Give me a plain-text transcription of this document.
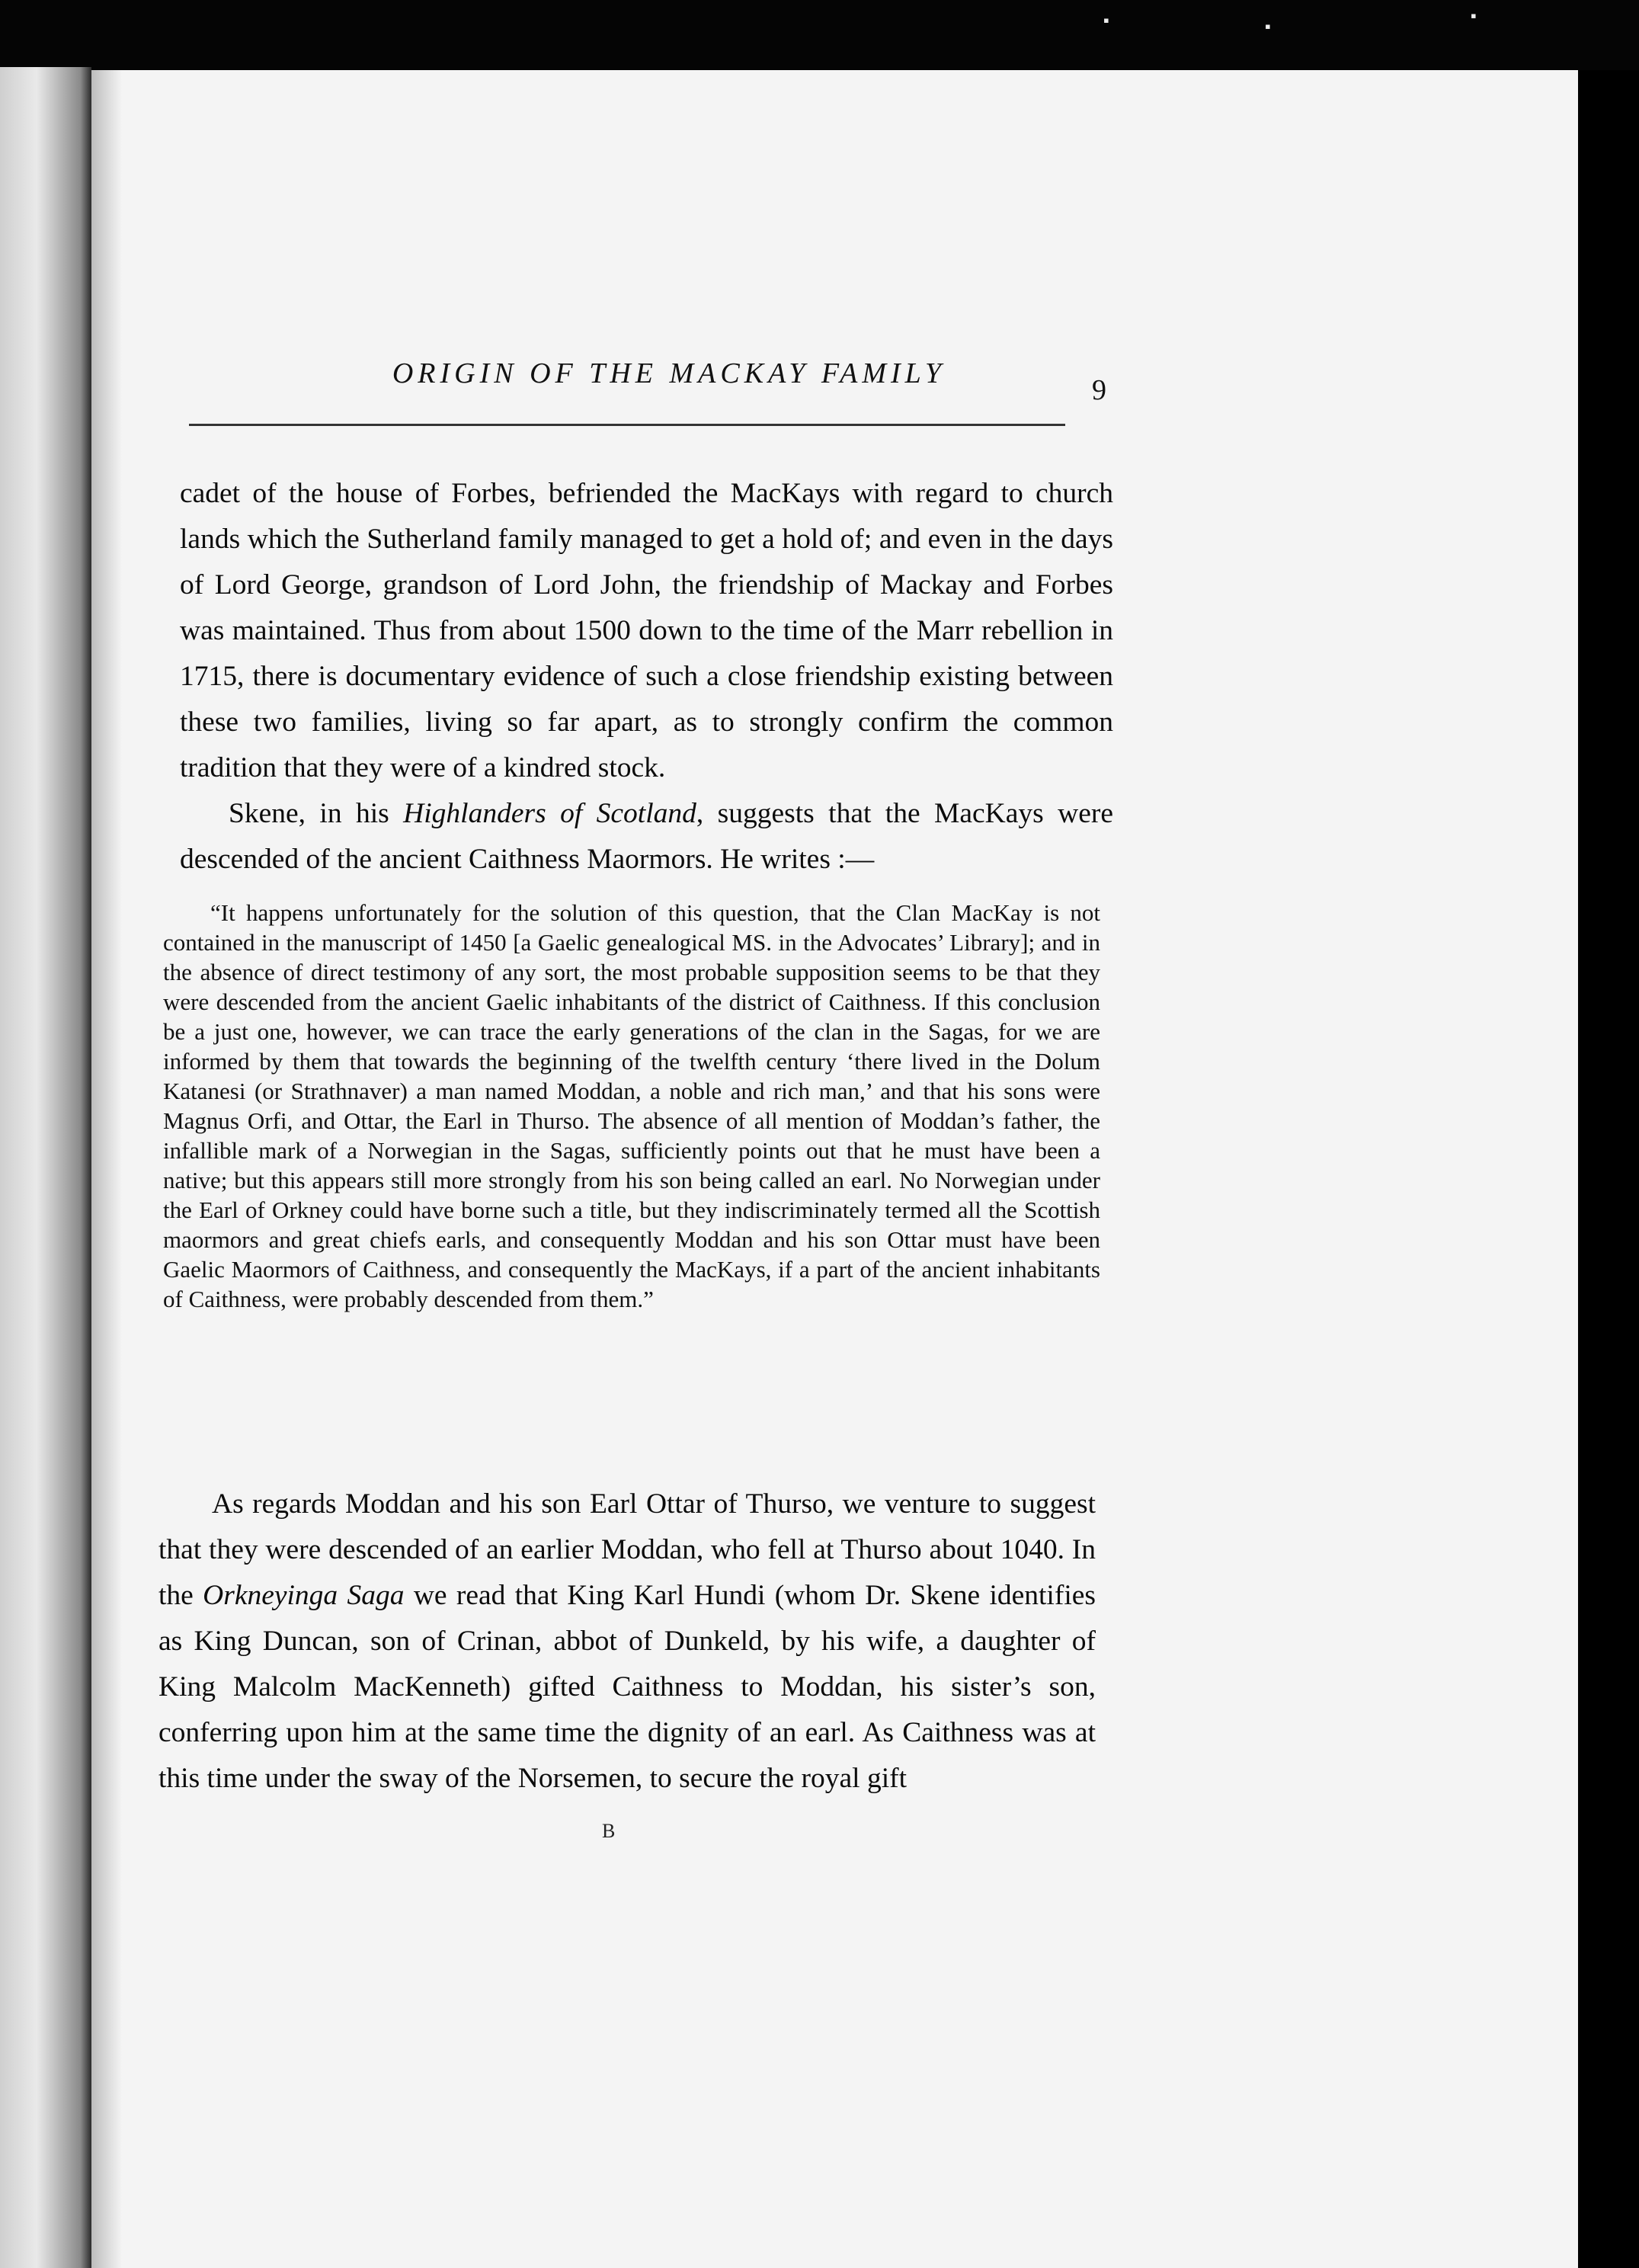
▪	▪
▪
ORIGIN OF THE MACKAY FAMILY
9

cadet of the house of Forbes, befriended the MacKays with regard to church lands which the Sutherland family managed to get a hold of; and even in the days of Lord George, grandson of Lord John, the friendship of Mackay and Forbes was maintained. Thus from about 1500 down to the time of the Marr rebellion in 1715, there is documentary evidence of such a close friendship existing between these two families, living so far apart, as to strongly confirm the common tradition that they were of a kindred stock.

Skene, in his Highlanders of Scotland, suggests that the MacKays were descended of the ancient Caithness Maormors. He writes :—

“It happens unfortunately for the solution of this question, that the Clan MacKay is not contained in the manuscript of 1450 [a Gaelic genealogical MS. in the Advocates’ Library]; and in the absence of direct testimony of any sort, the most probable supposition seems to be that they were descended from the ancient Gaelic inhabitants of the district of Caithness. If this conclusion be a just one, however, we can trace the early generations of the clan in the Sagas, for we are informed by them that towards the beginning of the twelfth century ‘there lived in the Dolum Katanesi (or Strathnaver) a man named Moddan, a noble and rich man,’ and that his sons were Magnus Orfi, and Ottar, the Earl in Thurso. The absence of all mention of Moddan’s father, the infallible mark of a Norwegian in the Sagas, sufficiently points out that he must have been a native; but this appears still more strongly from his son being called an earl. No Norwegian under the Earl of Orkney could have borne such a title, but they indiscriminately termed all the Scottish maormors and great chiefs earls, and consequently Moddan and his son Ottar must have been Gaelic Maormors of Caithness, and consequently the MacKays, if a part of the ancient inhabitants of Caithness, were probably descended from them.”
As regards Moddan and his son Earl Ottar of Thurso, we venture to suggest that they were descended of an earlier Moddan, who fell at Thurso about 1040. In the Orkneyinga Saga we read that King Karl Hundi (whom Dr. Skene identifies as King Duncan, son of Crinan, abbot of Dunkeld, by his wife, a daughter of King Malcolm MacKenneth) gifted Caithness to Moddan, his sister’s son, conferring upon him at the same time the dignity of an earl. As Caithness was at this time under the sway of the Norsemen, to secure the royal gift
B
